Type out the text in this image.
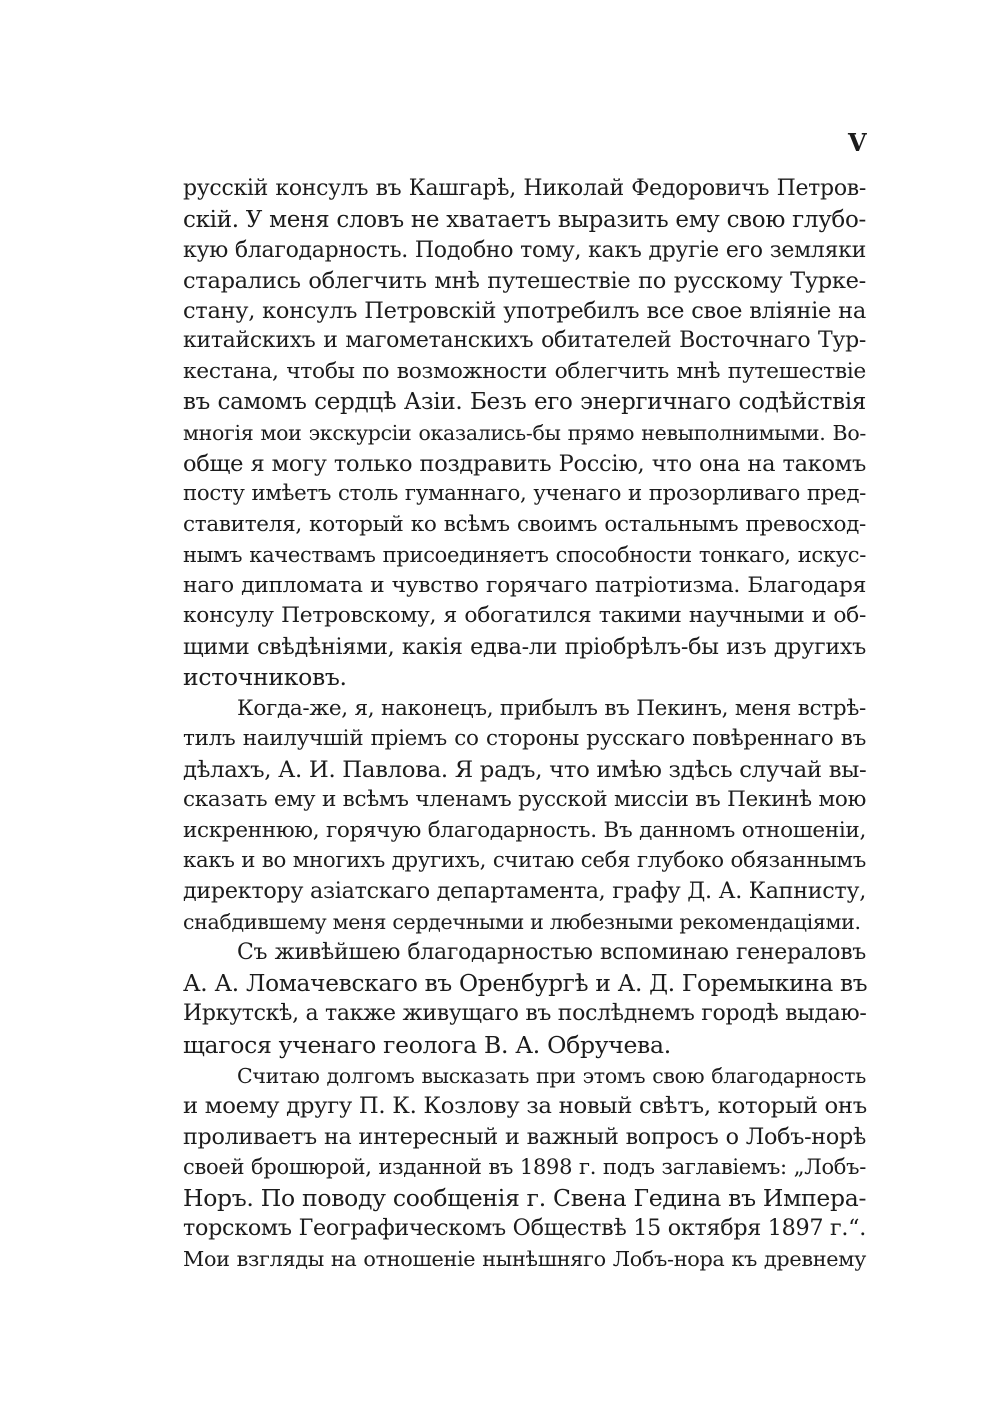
V
русскій консулъ въ Кашгарѣ, Николай Федоровичъ Петров-
скій. У меня словъ не хватаетъ выразить ему свою глубо-
кую благодарность. Подобно тому, какъ другіе его земляки
старались облегчить мнѣ путешествіе по русскому Турке-
стану, консулъ Петровскій употребилъ все свое вліяніе на
китайскихъ и магометанскихъ обитателей Восточнаго Тур-
кестана, чтобы по возможности облегчить мнѣ путешествіе
въ самомъ сердцѣ Азіи. Безъ его энергичнаго содѣйствія
многія мои экскурсіи оказались-бы прямо невыполнимыми. Во-
обще я могу только поздравить Россію, что она на такомъ
посту имѣетъ столь гуманнаго, ученаго и прозорливаго пред-
ставителя, который ко всѣмъ своимъ остальнымъ превосход-
нымъ качествамъ присоединяетъ способности тонкаго, искус-
наго дипломата и чувство горячаго патріотизма. Благодаря
консулу Петровскому, я обогатился такими научными и об-
щими свѣдѣніями, какія едва-ли пріобрѣлъ-бы изъ другихъ
источниковъ.
Когда-же, я, наконецъ, прибылъ въ Пекинъ, меня встрѣ-
тилъ наилучшій пріемъ со стороны русскаго повѣреннаго въ
дѣлахъ, А. И. Павлова. Я радъ, что имѣю здѣсь случай вы-
сказать ему и всѣмъ членамъ русской миссіи въ Пекинѣ мою
искреннюю, горячую благодарность. Въ данномъ отношеніи,
какъ и во многихъ другихъ, считаю себя глубоко обязаннымъ
директору азіатскаго департамента, графу Д. А. Капнисту,
снабдившему меня сердечными и любезными рекомендаціями.
Съ живѣйшею благодарностью вспоминаю генераловъ
А. А. Ломачевскаго въ Оренбургѣ и А. Д. Горемыкина въ
Иркутскѣ, а также живущаго въ послѣднемъ городѣ выдаю-
щагося ученаго геолога В. А. Обручева.
Считаю долгомъ высказать при этомъ свою благодарность
и моему другу П. К. Козлову за новый свѣтъ, который онъ
проливаетъ на интересный и важный вопросъ о Лобъ-норѣ
своей брошюрой, изданной въ 1898 г. подъ заглавіемъ: „Лобъ-
Норъ. По поводу сообщенія г. Свена Гедина въ Импера-
торскомъ Географическомъ Обществѣ 15 октября 1897 г.“.
Мои взгляды на отношеніе нынѣшняго Лобъ-нора къ древнему
